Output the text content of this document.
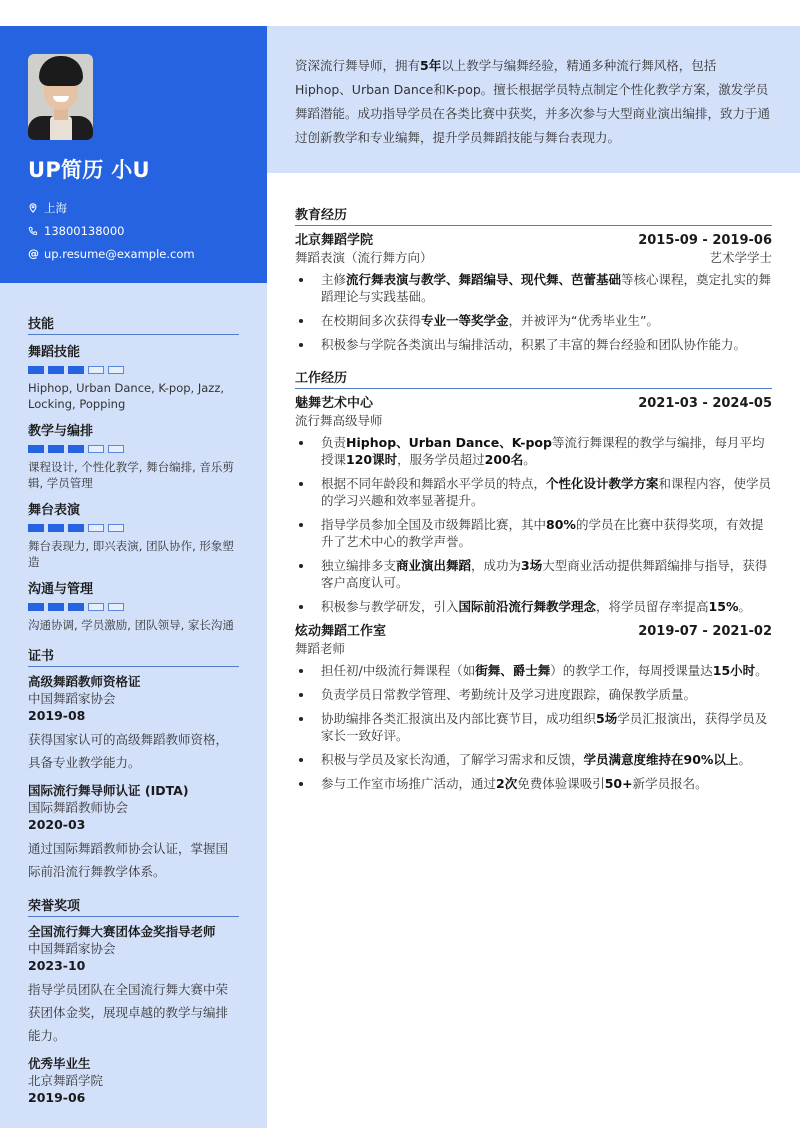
UP简历 小U
上海
13800138000
@ up.resume@example.com
技能
舞蹈技能
Hiphop, Urban Dance, K-pop, Jazz, Locking, Popping
教学与编排
课程设计, 个性化教学, 舞台编排, 音乐剪辑, 学员管理
舞台表演
舞台表现力, 即兴表演, 团队协作, 形象塑造
沟通与管理
沟通协调, 学员激励, 团队领导, 家长沟通
证书
高级舞蹈教师资格证
中国舞蹈家协会
2019-08
获得国家认可的高级舞蹈教师资格，具备专业教学能力。
国际流行舞导师认证 (IDTA)
国际舞蹈教师协会
2020-03
通过国际舞蹈教师协会认证，掌握国际前沿流行舞教学体系。
荣誉奖项
全国流行舞大赛团体金奖指导老师
中国舞蹈家协会
2023-10
指导学员团队在全国流行舞大赛中荣获团体金奖，展现卓越的教学与编排能力。
优秀毕业生
北京舞蹈学院
2019-06

资深流行舞导师，拥有5年以上教学与编舞经验，精通多种流行舞风格，包括Hiphop、Urban Dance和K-pop。擅长根据学员特点制定个性化教学方案，激发学员舞蹈潜能。成功指导学员在各类比赛中获奖，并多次参与大型商业演出编排，致力于通过创新教学和专业编舞，提升学员舞蹈技能与舞台表现力。

教育经历
北京舞蹈学院	2015-09 - 2019-06
舞蹈表演（流行舞方向）	艺术学学士
主修流行舞表演与教学、舞蹈编导、现代舞、芭蕾基础等核心课程，奠定扎实的舞蹈理论与实践基础。
在校期间多次获得专业一等奖学金，并被评为“优秀毕业生”。
积极参与学院各类演出与编排活动，积累了丰富的舞台经验和团队协作能力。
工作经历
魅舞艺术中心	2021-03 - 2024-05
流行舞高级导师
负责Hiphop、Urban Dance、K-pop等流行舞课程的教学与编排，每月平均授课120课时，服务学员超过200名。
根据不同年龄段和舞蹈水平学员的特点，个性化设计教学方案和课程内容，使学员的学习兴趣和效率显著提升。
指导学员参加全国及市级舞蹈比赛，其中80%的学员在比赛中获得奖项，有效提升了艺术中心的教学声誉。
独立编排多支商业演出舞蹈，成功为3场大型商业活动提供舞蹈编排与指导，获得客户高度认可。
积极参与教学研发，引入国际前沿流行舞教学理念，将学员留存率提高15%。
炫动舞蹈工作室	2019-07 - 2021-02
舞蹈老师
担任初/中级流行舞课程（如街舞、爵士舞）的教学工作，每周授课量达15小时。
负责学员日常教学管理、考勤统计及学习进度跟踪，确保教学质量。
协助编排各类汇报演出及内部比赛节目，成功组织5场学员汇报演出，获得学员及家长一致好评。
积极与学员及家长沟通，了解学习需求和反馈，学员满意度维持在90%以上。
参与工作室市场推广活动，通过2次免费体验课吸引50+新学员报名。
